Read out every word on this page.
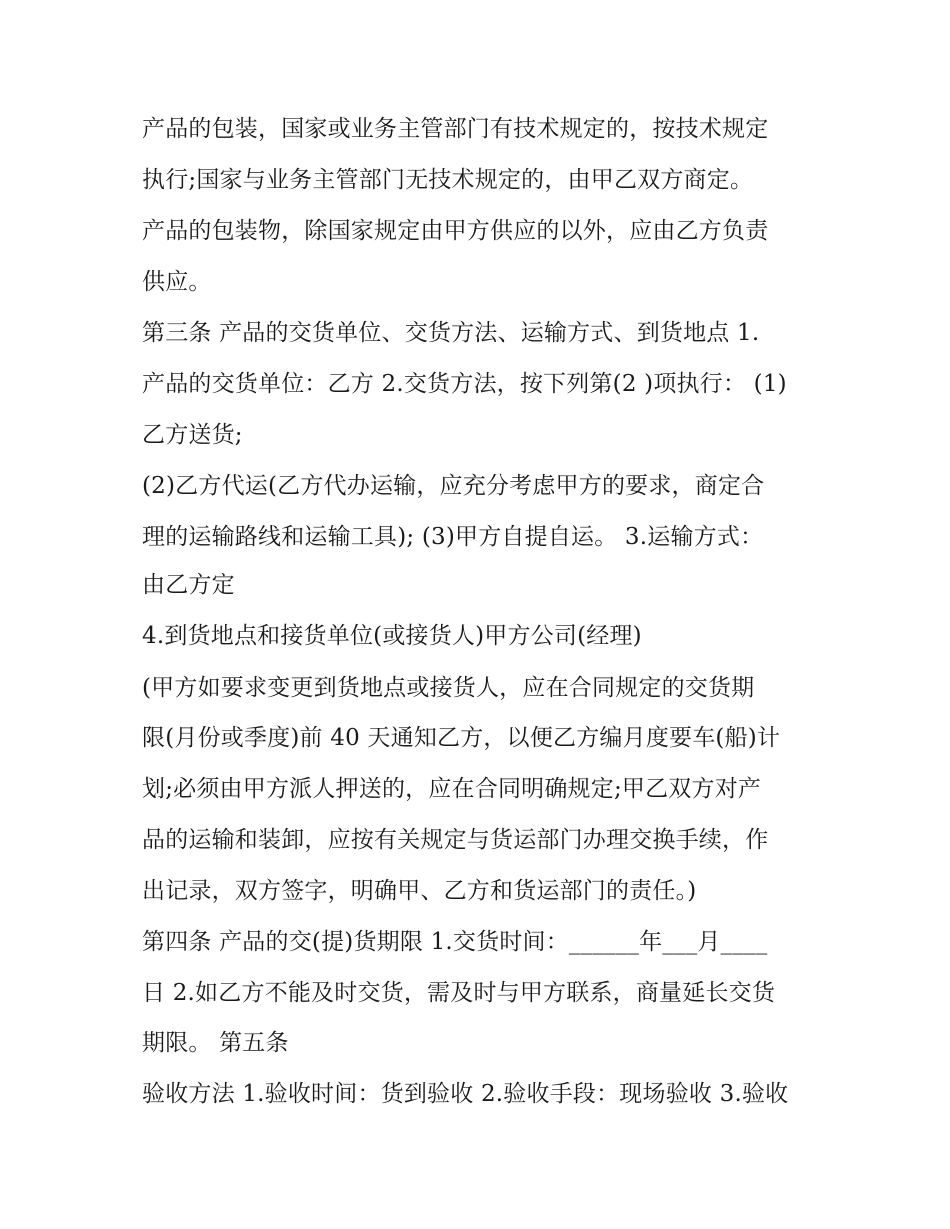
产品的包装，国家或业务主管部门有技术规定的，按技术规定

执行;国家与业务主管部门无技术规定的，由甲乙双方商定。

产品的包装物，除国家规定由甲方供应的以外，应由乙方负责

供应。

第三条 产品的交货单位、交货方法、运输方式、到货地点 1.

产品的交货单位：乙方 2.交货方法，按下列第(2 )项执行： (1)

乙方送货;

(2)乙方代运(乙方代办运输，应充分考虑甲方的要求，商定合

理的运输路线和运输工具); (3)甲方自提自运。 3.运输方式：

由乙方定

4.到货地点和接货单位(或接货人)甲方公司(经理)

(甲方如要求变更到货地点或接货人，应在合同规定的交货期

限(月份或季度)前 40 天通知乙方，以便乙方编月度要车(船)计

划;必须由甲方派人押送的，应在合同明确规定;甲乙双方对产

品的运输和装卸，应按有关规定与货运部门办理交换手续，作

出记录，双方签字，明确甲、乙方和货运部门的责任。)

第四条 产品的交(提)货期限 1.交货时间：______年___月____

日 2.如乙方不能及时交货，需及时与甲方联系，商量延长交货

期限。 第五条

验收方法 1.验收时间：货到验收 2.验收手段：现场验收 3.验收
